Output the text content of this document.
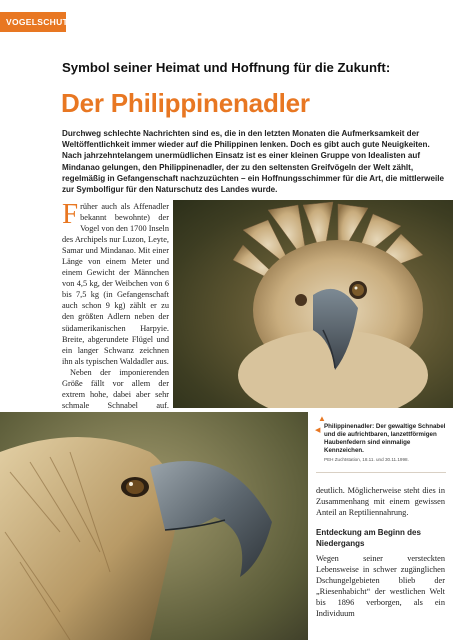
VOGELSCHUTZ
Symbol seiner Heimat und Hoffnung für die Zukunft:
Der Philippinenadler
Durchweg schlechte Nachrichten sind es, die in den letzten Monaten die Aufmerksamkeit der Weltöffentlichkeit immer wieder auf die Philippinen lenken. Doch es gibt auch gute Neuigkeiten. Nach jahrzehntelangem unermüdlichen Einsatz ist es einer kleinen Gruppe von Idealisten auf Mindanao gelungen, den Philippinenadler, der zu den seltensten Greifvögeln der Welt zählt, regelmäßig in Gefangenschaft nachzuzüchten – ein Hoffnungsschimmer für die Art, die mittlerweile zur Symbolfigur für den Naturschutz des Landes wurde.

Früher auch als Affenadler bekannt bewohnte) der Vogel von den 1700 Inseln des Archipels nur Luzon, Leyte, Samar und Mindanao. Mit einer Länge von einem Meter und einem Gewicht der Männchen von 4,5 kg, der Weibchen von 6 bis 7,5 kg (in Gefangenschaft auch schon 9 kg) zählt er zu den größten Adlern neben der südamerikanischen Harpyie. Breite, abgerundete Flügel und ein langer Schwanz zeichnen ihn als typischen Waldadler aus.

Neben der imponierenden Größe fällt vor allem der extrem hohe, dabei aber sehr schmale Schnabel auf.

▲
◀
Philippinenadler: Der gewaltige Schnabel und die aufrichtbaren, lanzettförmigen Haubenfedern sind einmalige Kennzeichen.
PEH Zuchtstation, 18.11. und 30.11.1998.

deutlich. Möglicherweise steht dies in Zusammenhang mit einem gewissen Anteil an Reptiliennahrung.

Entdeckung am Beginn des Niedergangs

Wegen seiner versteckten Lebensweise in schwer zugänglichen Dschungelgebieten blieb der „Riesenhabicht“ der westlichen Welt bis 1896 verborgen, als ein Individuum
